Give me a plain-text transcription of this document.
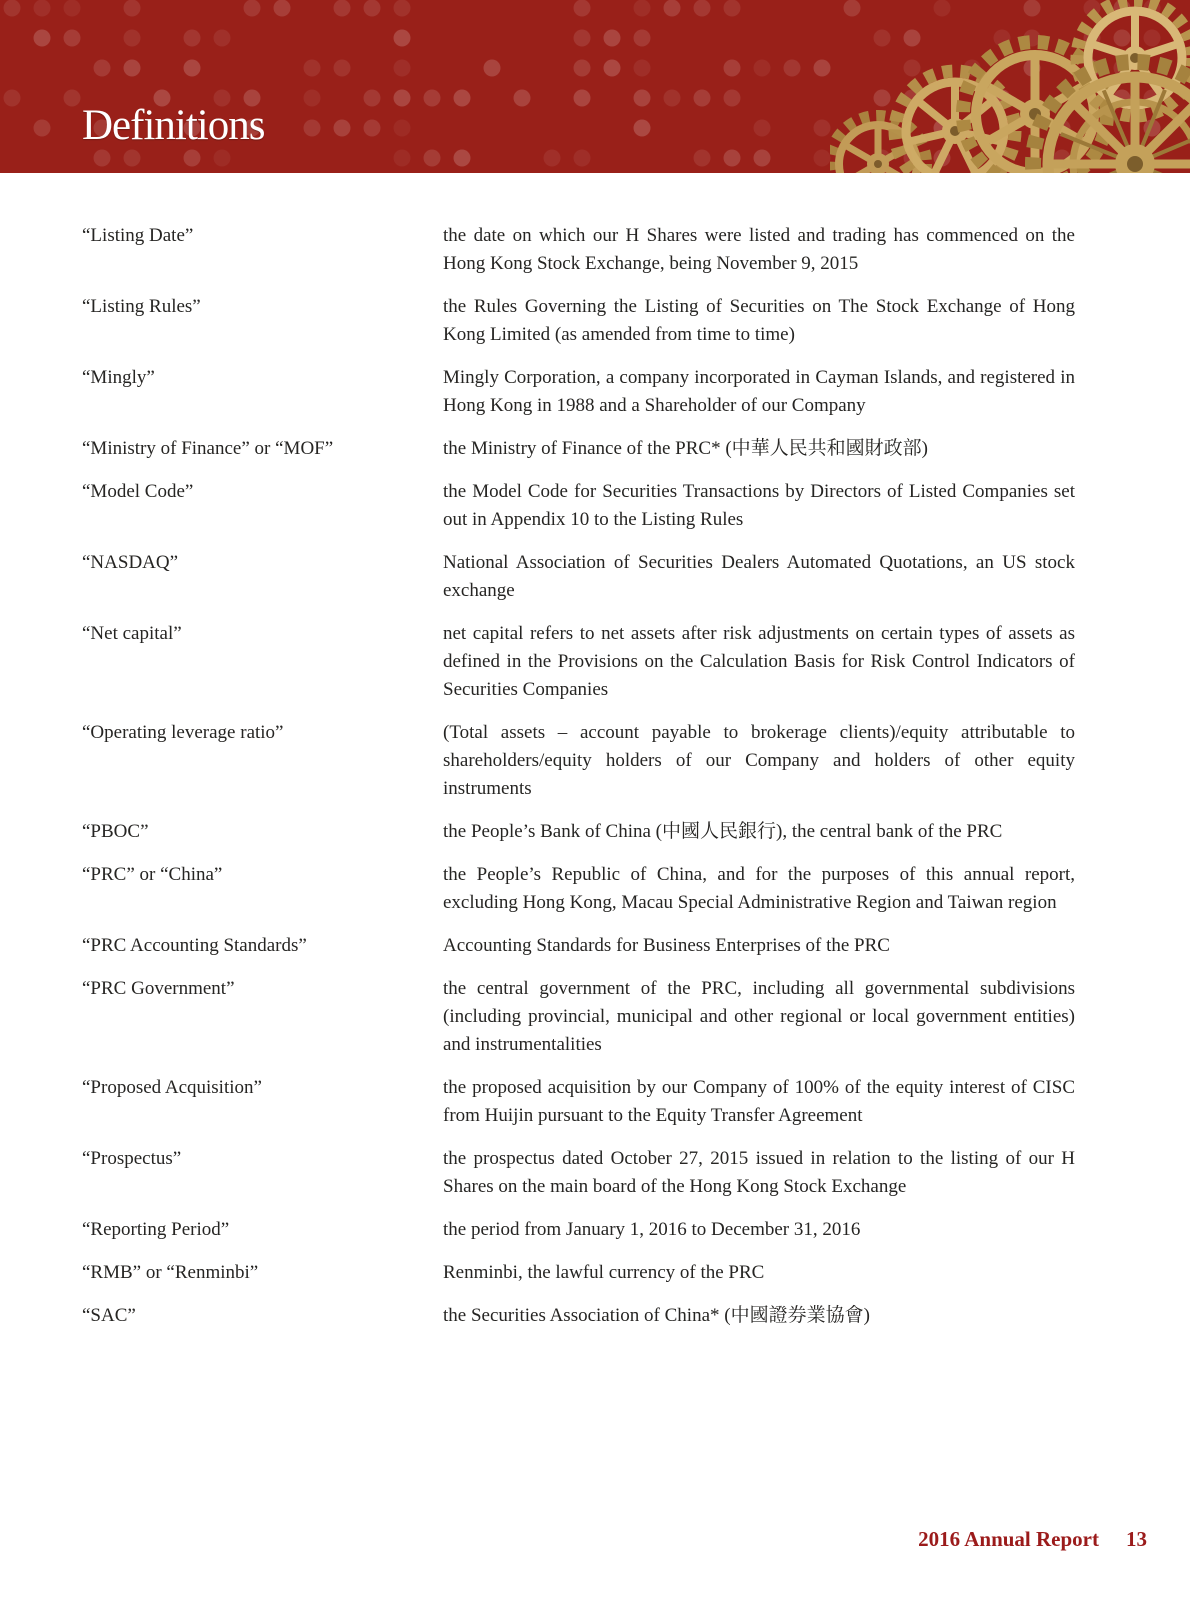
Definitions
“Listing Date”	the date on which our H Shares were listed and trading has commenced on the Hong Kong Stock Exchange, being November 9, 2015
“Listing Rules”	the Rules Governing the Listing of Securities on The Stock Exchange of Hong Kong Limited (as amended from time to time)
“Mingly”	Mingly Corporation, a company incorporated in Cayman Islands, and registered in Hong Kong in 1988 and a Shareholder of our Company
“Ministry of Finance” or “MOF”	the Ministry of Finance of the PRC* (中華人民共和國財政部)
“Model Code”	the Model Code for Securities Transactions by Directors of Listed Companies set out in Appendix 10 to the Listing Rules
“NASDAQ”	National Association of Securities Dealers Automated Quotations, an US stock exchange
“Net capital”	net capital refers to net assets after risk adjustments on certain types of assets as defined in the Provisions on the Calculation Basis for Risk Control Indicators of Securities Companies
“Operating leverage ratio”	(Total assets – account payable to brokerage clients)/equity attributable to shareholders/equity holders of our Company and holders of other equity instruments
“PBOC”	the People’s Bank of China (中國人民銀行), the central bank of the PRC
“PRC” or “China”	the People’s Republic of China, and for the purposes of this annual report, excluding Hong Kong, Macau Special Administrative Region and Taiwan region
“PRC Accounting Standards”	Accounting Standards for Business Enterprises of the PRC
“PRC Government”	the central government of the PRC, including all governmental subdivisions (including provincial, municipal and other regional or local government entities) and instrumentalities
“Proposed Acquisition”	the proposed acquisition by our Company of 100% of the equity interest of CISC from Huijin pursuant to the Equity Transfer Agreement
“Prospectus”	the prospectus dated October 27, 2015 issued in relation to the listing of our H Shares on the main board of the Hong Kong Stock Exchange
“Reporting Period”	the period from January 1, 2016 to December 31, 2016
“RMB” or “Renminbi”	Renminbi, the lawful currency of the PRC
“SAC”	the Securities Association of China* (中國證券業協會)
2016 Annual Report 13
